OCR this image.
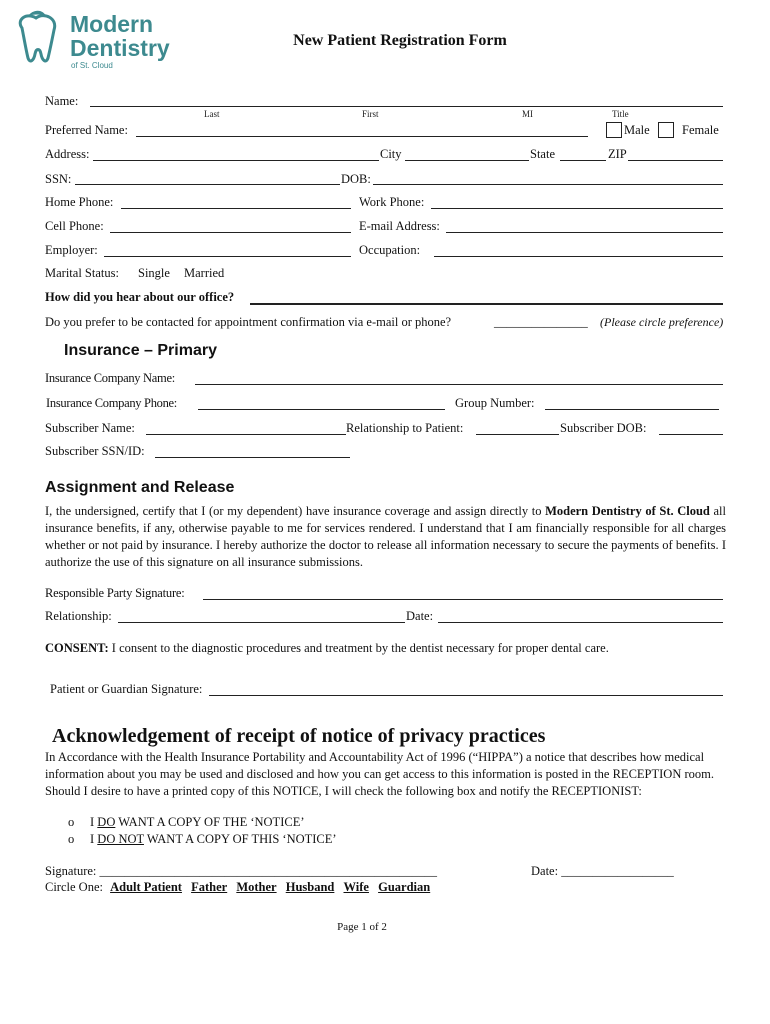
Modern
Dentistry
of St. Cloud
New Patient Registration Form
Name:
Last	First	MI	Title
Preferred Name:	Male	Female
Address:	City	State	ZIP
SSN:	DOB:
Home Phone:	Work Phone:
Cell Phone:	E-mail Address:
Employer:	Occupation:
Marital Status: Single Married
How did you hear about our office?
Do you prefer to be contacted for appointment confirmation via e-mail or phone?	_______________ (Please circle preference)
Insurance – Primary
Insurance Company Name:
Insurance Company Phone:	Group Number:
Subscriber Name:	Relationship to Patient:	Subscriber DOB:
Subscriber SSN/ID:
Assignment and Release
I, the undersigned, certify that I (or my dependent) have insurance coverage and assign directly to Modern Dentistry of St. Cloud all insurance benefits, if any, otherwise payable to me for services rendered. I understand that I am financially responsible for all charges whether or not paid by insurance. I hereby authorize the doctor to release all information necessary to secure the payments of benefits. I authorize the use of this signature on all insurance submissions.
Responsible Party Signature:
Relationship:	Date:
CONSENT: I consent to the diagnostic procedures and treatment by the dentist necessary for proper dental care.
Patient or Guardian Signature:
Acknowledgement of receipt of notice of privacy practices
In Accordance with the Health Insurance Portability and Accountability Act of 1996 (“HIPPA”) a notice that describes how medical information about you may be used and disclosed and how you can get access to this information is posted in the RECEPTION room. Should I desire to have a printed copy of this NOTICE, I will check the following box and notify the RECEPTIONIST:
o I DO WANT A COPY OF THE ‘NOTICE’
o I DO NOT WANT A COPY OF THIS ‘NOTICE’
Signature: ______________________________________________________	Date: __________________
Circle One: Adult Patient Father Mother Husband Wife Guardian
Page 1 of 2
